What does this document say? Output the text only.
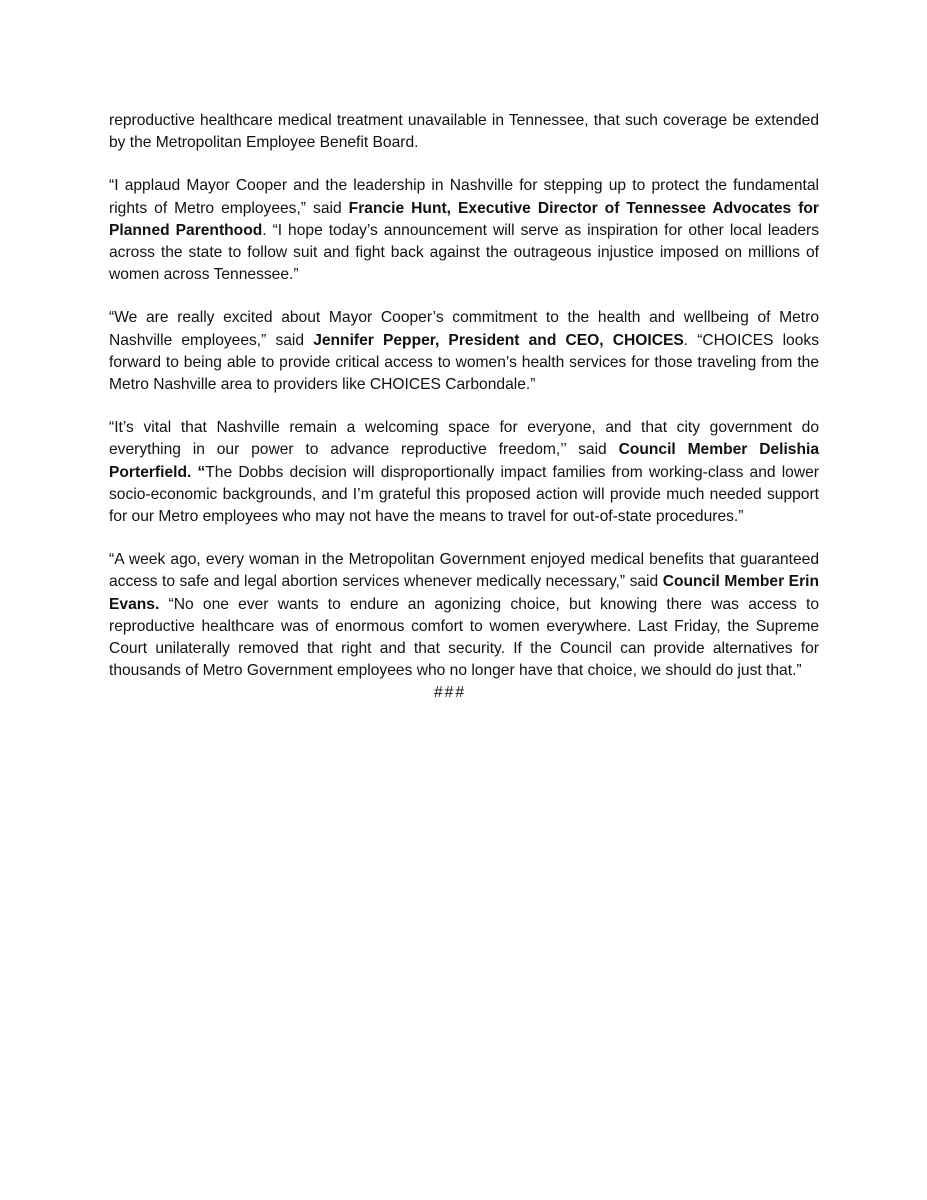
reproductive healthcare medical treatment unavailable in Tennessee, that such coverage be extended by the Metropolitan Employee Benefit Board.

“I applaud Mayor Cooper and the leadership in Nashville for stepping up to protect the fundamental rights of Metro employees,” said Francie Hunt, Executive Director of Tennessee Advocates for Planned Parenthood. “I hope today’s announcement will serve as inspiration for other local leaders across the state to follow suit and fight back against the outrageous injustice imposed on millions of women across Tennessee.”

“We are really excited about Mayor Cooper’s commitment to the health and wellbeing of Metro Nashville employees,” said Jennifer Pepper, President and CEO, CHOICES. “CHOICES looks forward to being able to provide critical access to women’s health services for those traveling from the Metro Nashville area to providers like CHOICES Carbondale.”

“It’s vital that Nashville remain a welcoming space for everyone, and that city government do everything in our power to advance reproductive freedom,’’ said Council Member Delishia Porterfield. “The Dobbs decision will disproportionally impact families from working-class and lower socio-economic backgrounds, and I’m grateful this proposed action will provide much needed support for our Metro employees who may not have the means to travel for out-of-state procedures.”

“A week ago, every woman in the Metropolitan Government enjoyed medical benefits that guaranteed access to safe and legal abortion services whenever medically necessary,” said Council Member Erin Evans. “No one ever wants to endure an agonizing choice, but knowing there was access to reproductive healthcare was of enormous comfort to women everywhere. Last Friday, the Supreme Court unilaterally removed that right and that security. If the Council can provide alternatives for thousands of Metro Government employees who no longer have that choice, we should do just that.”

###
